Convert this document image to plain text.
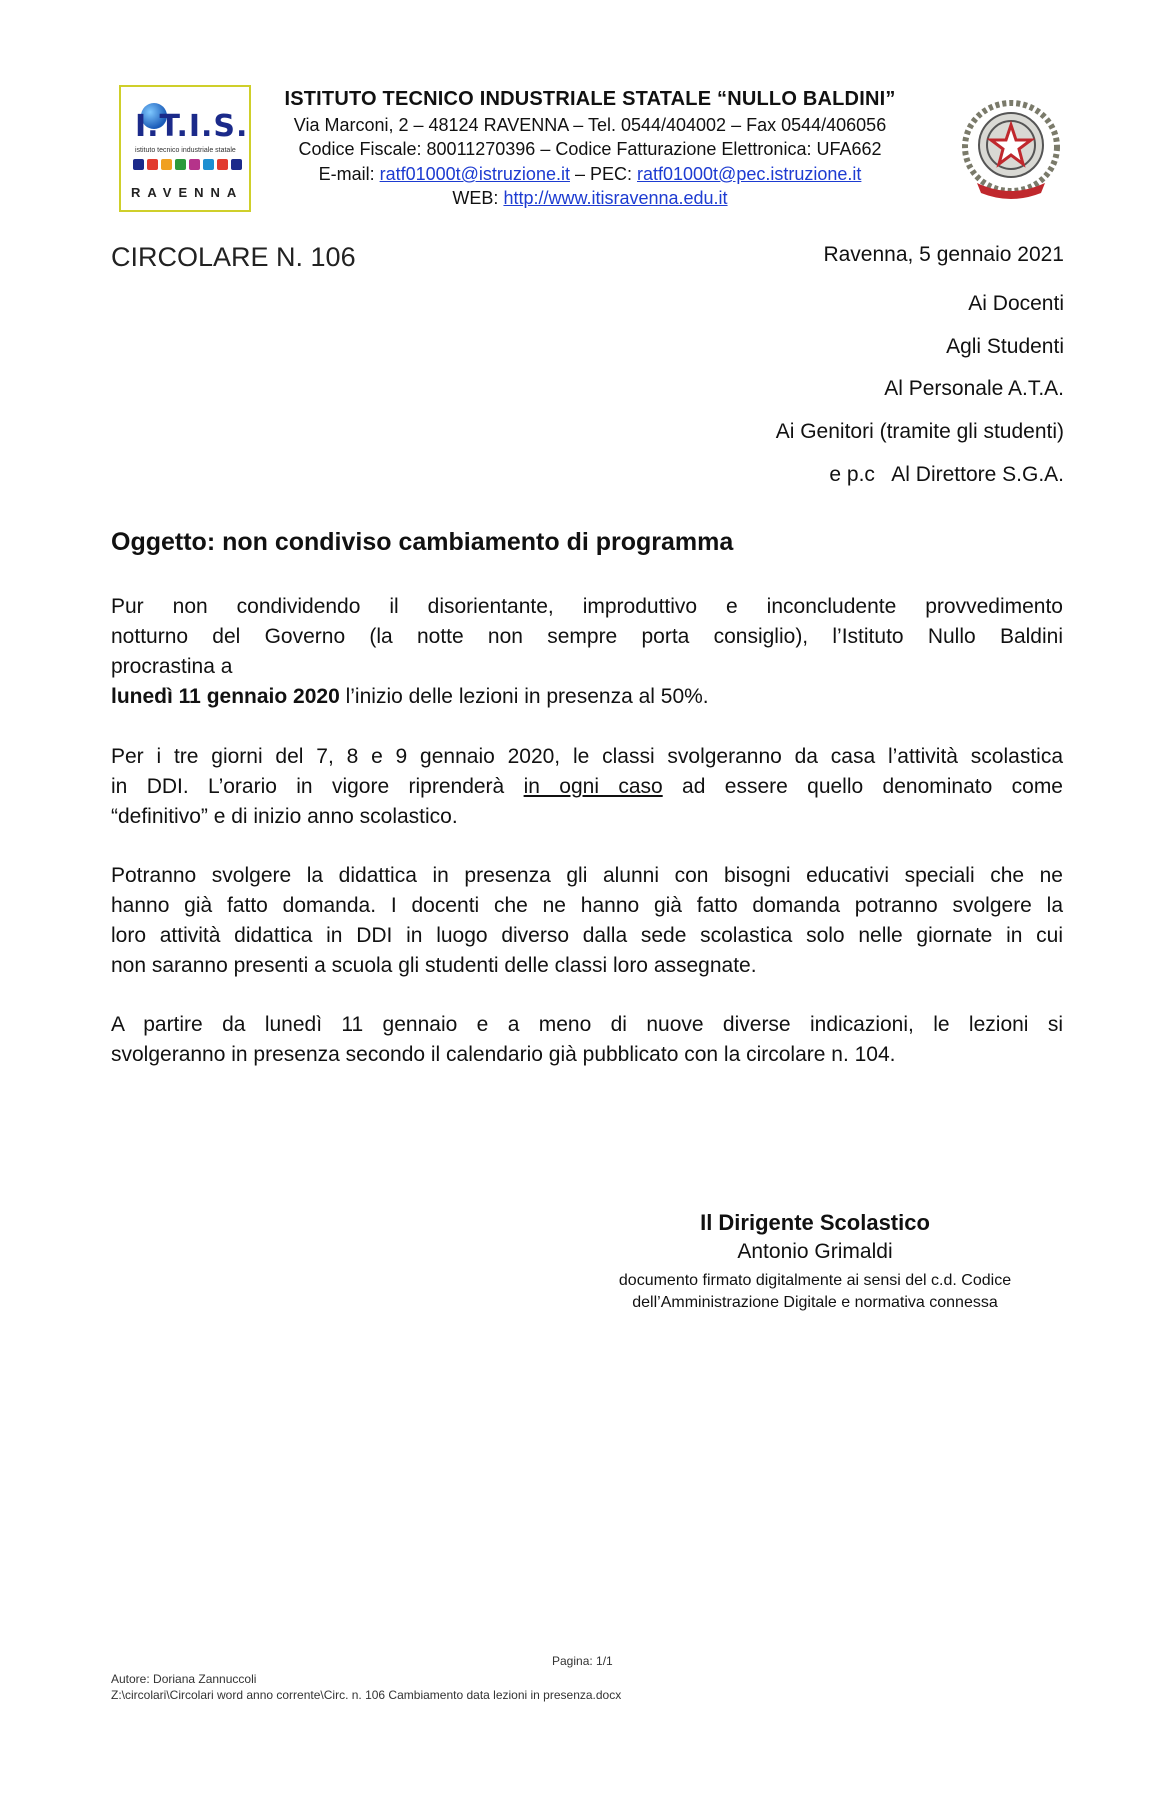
I.T.I.S.
istituto tecnico industriale statale
RAVENNA
ISTITUTO TECNICO INDUSTRIALE STATALE “NULLO BALDINI”
Via Marconi, 2 – 48124 RAVENNA – Tel. 0544/404002 – Fax 0544/406056
Codice Fiscale: 80011270396 – Codice Fatturazione Elettronica: UFA662
E-mail: ratf01000t@istruzione.it – PEC: ratf01000t@pec.istruzione.it
WEB: http://www.itisravenna.edu.it
CIRCOLARE N. 106	Ravenna, 5 gennaio 2021
Ai Docenti
Agli Studenti
Al Personale A.T.A.
Ai Genitori (tramite gli studenti)
e p.c   Al Direttore S.G.A.
Oggetto: non condiviso cambiamento di programma
Pur non condividendo il disorientante, improduttivo e inconcludente provvedimento
notturno del Governo (la notte non sempre porta consiglio), l’Istituto Nullo Baldini
procrastina a
lunedì 11 gennaio 2020 l’inizio delle lezioni in presenza al 50%.
Per i tre giorni del 7, 8 e 9 gennaio 2020, le classi svolgeranno da casa l’attività scolastica
in DDI. L’orario in vigore riprenderà in ogni caso ad essere quello denominato come
“definitivo” e di inizio anno scolastico.
Potranno svolgere la didattica in presenza gli alunni con bisogni educativi speciali che ne
hanno già fatto domanda. I docenti che ne hanno già fatto domanda potranno svolgere la
loro attività didattica in DDI in luogo diverso dalla sede scolastica solo nelle giornate in cui
non saranno presenti a scuola gli studenti delle classi loro assegnate.
A partire da lunedì 11 gennaio e a meno di nuove diverse indicazioni, le lezioni si
svolgeranno in presenza secondo il calendario già pubblicato con la circolare n. 104.
Il Dirigente Scolastico
Antonio Grimaldi
documento firmato digitalmente ai sensi del c.d. Codice
dell’Amministrazione Digitale e normativa connessa
Pagina: 1/1
Autore: Doriana Zannuccoli
Z:\circolari\Circolari word anno corrente\Circ. n. 106 Cambiamento data lezioni in presenza.docx
